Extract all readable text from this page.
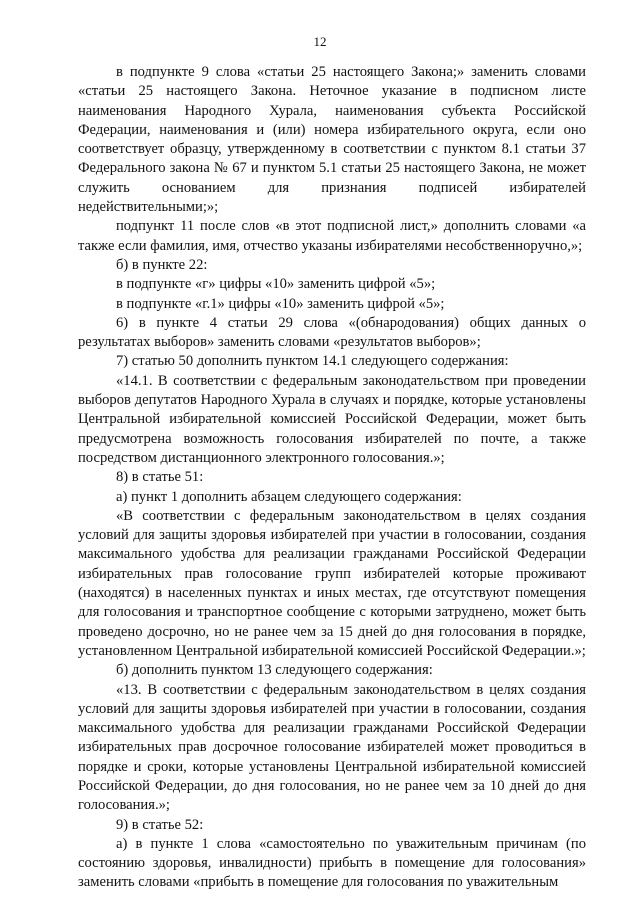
12

в подпункте 9 слова «статьи 25 настоящего Закона;» заменить словами «статьи 25 настоящего Закона. Неточное указание в подписном листе наименования Народного Хурала, наименования субъекта Российской Федерации, наименования и (или) номера избирательного округа, если оно соответствует образцу, утвержденному в соответствии с пунктом 8.1 статьи 37 Федерального закона № 67 и пунктом 5.1 статьи 25 настоящего Закона, не может служить основанием для признания подписей избирателей недействительными;»;

подпункт 11 после слов «в этот подписной лист,» дополнить словами «а также если фамилия, имя, отчество указаны избирателями несобственноручно,»;

б) в пункте 22:

в подпункте «г» цифры «10» заменить цифрой «5»;

в подпункте «г.1» цифры «10» заменить цифрой «5»;

6) в пункте 4 статьи 29 слова «(обнародования) общих данных о результатах выборов» заменить словами «результатов выборов»;

7) статью 50 дополнить пунктом 14.1 следующего содержания:

«14.1. В соответствии с федеральным законодательством при проведении выборов депутатов Народного Хурала в случаях и порядке, которые установлены Центральной избирательной комиссией Российской Федерации, может быть предусмотрена возможность голосования избирателей по почте, а также посредством дистанционного электронного голосования.»;

8) в статье 51:

а) пункт 1 дополнить абзацем следующего содержания:

«В соответствии с федеральным законодательством в целях создания условий для защиты здоровья избирателей при участии в голосовании, создания максимального удобства для реализации гражданами Российской Федерации избирательных прав голосование групп избирателей которые проживают (находятся) в населенных пунктах и иных местах, где отсутствуют помещения для голосования и транспортное сообщение с которыми затруднено, может быть проведено досрочно, но не ранее чем за 15 дней до дня голосования в порядке, установленном Центральной избирательной комиссией Российской Федерации.»;

б) дополнить пунктом 13 следующего содержания:

«13. В соответствии с федеральным законодательством в целях создания условий для защиты здоровья избирателей при участии в голосовании, создания максимального удобства для реализации гражданами Российской Федерации избирательных прав досрочное голосование избирателей может проводиться в порядке и сроки, которые установлены Центральной избирательной комиссией Российской Федерации, до дня голосования, но не ранее чем за 10 дней до дня голосования.»;

9) в статье 52:

а) в пункте 1 слова «самостоятельно по уважительным причинам (по состоянию здоровья, инвалидности) прибыть в помещение для голосования» заменить словами «прибыть в помещение для голосования по уважительным
